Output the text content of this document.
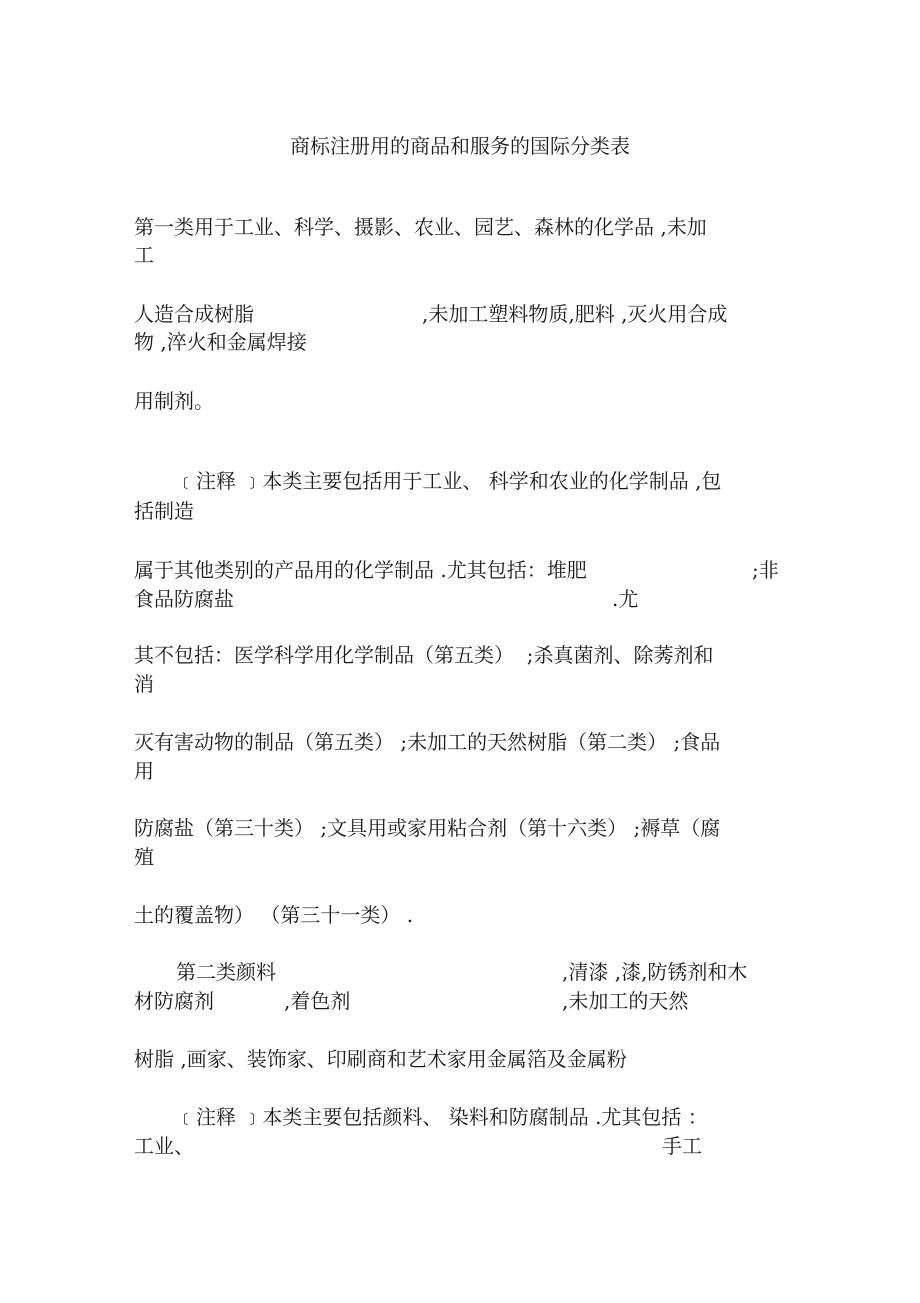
商标注册用的商品和服务的国际分类表
第一类用于工业、科学、摄影、农业、园艺、森林的化学品 ,未加
工

人造合成树脂

	,未加工塑料物质,肥料 ,灭火用合成

物 ,淬火和金属焊接
用制剂。
﹝注释 ﹞本类主要包括用于工业、 科学和农业的化学制品 ,包
括制造

属于其他类别的产品用的化学制品 .尤其包括：堆肥

	;非

食品防腐盐

	.尤

其不包括：医学科学用化学制品（第五类）  ;杀真菌剂、除莠剂和
消
灭有害动物的制品（第五类） ;未加工的天然树脂（第二类） ;食品
用
防腐盐（第三十类） ;文具用或家用粘合剂（第十六类） ;褥草（腐
殖
土的覆盖物） （第三十一类） .

第二类颜料

	,清漆 ,漆,防锈剂和木

材防腐剂

	,着色剂

	,未加工的天然

树脂 ,画家、装饰家、印刷商和艺术家用金属箔及金属粉
﹝注释 ﹞本类主要包括颜料、 染料和防腐制品 .尤其包括 ：

工业、

	手工
